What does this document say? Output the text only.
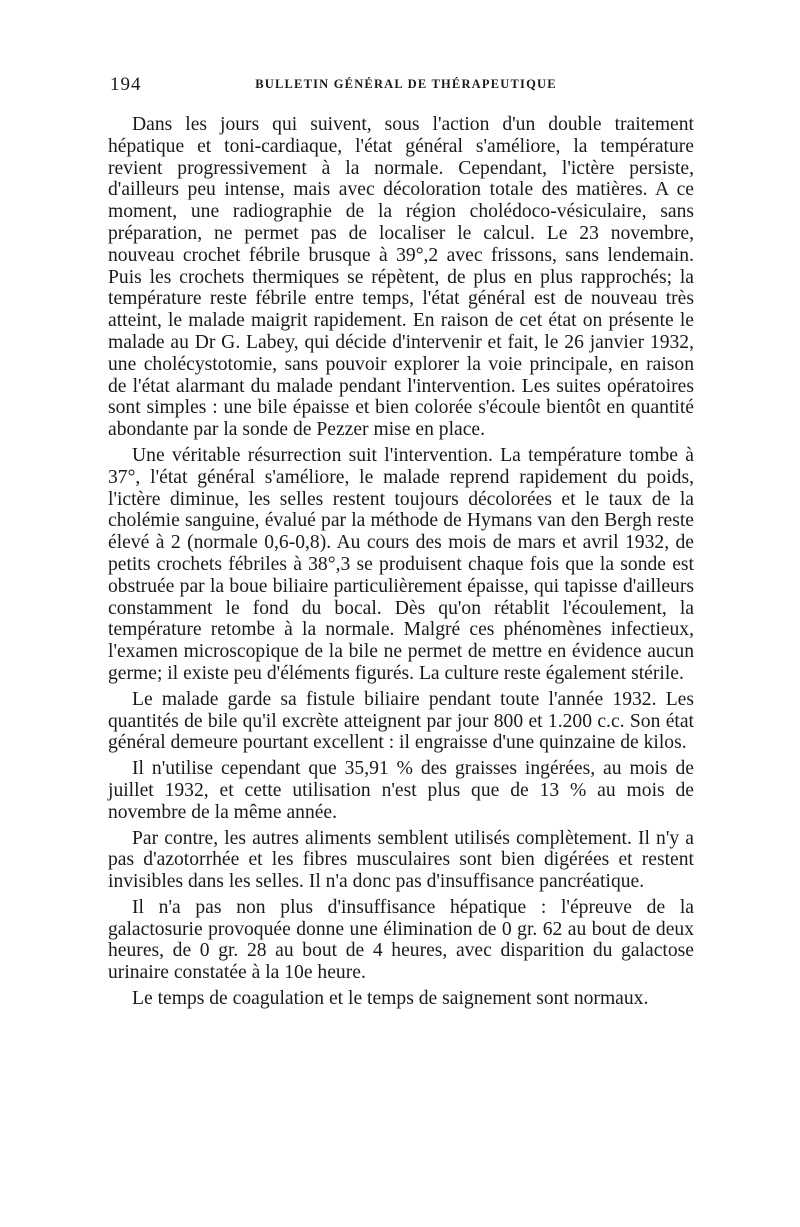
194	BULLETIN GÉNÉRAL DE THÉRAPEUTIQUE

Dans les jours qui suivent, sous l'action d'un double traitement hépatique et toni-cardiaque, l'état général s'améliore, la température revient progressivement à la normale. Cependant, l'ictère persiste, d'ailleurs peu intense, mais avec décoloration totale des matières. A ce moment, une radiographie de la région cholédoco-vésiculaire, sans préparation, ne permet pas de localiser le calcul. Le 23 novembre, nouveau crochet fébrile brusque à 39°,2 avec frissons, sans lendemain. Puis les crochets thermiques se répètent, de plus en plus rapprochés; la température reste fébrile entre temps, l'état général est de nouveau très atteint, le malade maigrit rapidement. En raison de cet état on présente le malade au Dr G. Labey, qui décide d'intervenir et fait, le 26 janvier 1932, une cholécystotomie, sans pouvoir explorer la voie principale, en raison de l'état alarmant du malade pendant l'intervention. Les suites opératoires sont simples : une bile épaisse et bien colorée s'écoule bientôt en quantité abondante par la sonde de Pezzer mise en place.

Une véritable résurrection suit l'intervention. La température tombe à 37°, l'état général s'améliore, le malade reprend rapidement du poids, l'ictère diminue, les selles restent toujours décolorées et le taux de la cholémie sanguine, évalué par la méthode de Hymans van den Bergh reste élevé à 2 (normale 0,6-0,8). Au cours des mois de mars et avril 1932, de petits crochets fébriles à 38°,3 se produisent chaque fois que la sonde est obstruée par la boue biliaire particulièrement épaisse, qui tapisse d'ailleurs constamment le fond du bocal. Dès qu'on rétablit l'écoulement, la température retombe à la normale. Malgré ces phénomènes infectieux, l'examen microscopique de la bile ne permet de mettre en évidence aucun germe; il existe peu d'éléments figurés. La culture reste également stérile.

Le malade garde sa fistule biliaire pendant toute l'année 1932. Les quantités de bile qu'il excrète atteignent par jour 800 et 1.200 c.c. Son état général demeure pourtant excellent : il engraisse d'une quinzaine de kilos.

Il n'utilise cependant que 35,91 % des graisses ingérées, au mois de juillet 1932, et cette utilisation n'est plus que de 13 % au mois de novembre de la même année.

Par contre, les autres aliments semblent utilisés complètement. Il n'y a pas d'azotorrhée et les fibres musculaires sont bien digérées et restent invisibles dans les selles. Il n'a donc pas d'insuffisance pancréatique.

Il n'a pas non plus d'insuffisance hépatique : l'épreuve de la galactosurie provoquée donne une élimination de 0 gr. 62 au bout de deux heures, de 0 gr. 28 au bout de 4 heures, avec disparition du galactose urinaire constatée à la 10e heure.

Le temps de coagulation et le temps de saignement sont normaux.
